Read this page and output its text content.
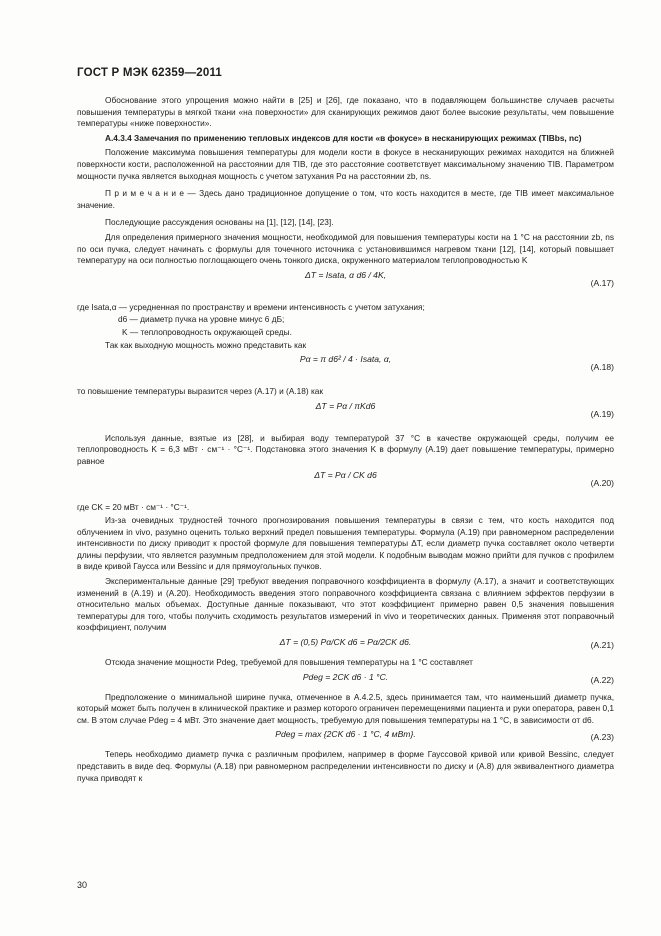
ГОСТ Р МЭК 62359—2011

Обоснование этого упрощения можно найти в [25] и [26], где показано, что в подавляющем большинстве случаев расчеты повышения температуры в мягкой ткани «на поверхности» для сканирующих режимов дают более высокие результаты, чем повышение температуры «ниже поверхности».

А.4.3.4 Замечания по применению тепловых индексов для кости «в фокусе» в несканирующих режимах (TIBbs, nc)

Положение максимума повышения температуры для модели кости в фокусе в несканирующих режимах находится на ближней поверхности кости, расположенной на расстоянии для TIB, где это расстояние соответствует максимальному значению TIB. Параметром мощности пучка является выходная мощность с учетом затухания Pα на расстоянии zb, ns.

П р и м е ч а н и е — Здесь дано традиционное допущение о том, что кость находится в месте, где TIB имеет максимальное значение.

Последующие рассуждения основаны на [1], [12], [14], [23].

Для определения примерного значения мощности, необходимой для повышения температуры кости на 1 °С на расстоянии zb, ns по оси пучка, следует начинать с формулы для точечного источника с установившимся нагревом ткани [12], [14], который повышает температуру на оси полностью поглощающего очень тонкого диска, окруженного материалом теплопроводностью K

ΔT = Isata, α d6 / 4K,
(A.17)

где Isata,α — усредненная по пространству и времени интенсивность с учетом затухания;

d6 — диаметр пучка на уровне минус 6 дБ;

K — теплопроводность окружающей среды.

Так как выходную мощность можно представить как

Pα = π d6² / 4 · Isata, α,
(A.18)

то повышение температуры выразится через (А.17) и (А.18) как

ΔT = Pα / πKd6
(A.19)

Используя данные, взятые из [28], и выбирая воду температурой 37 °С в качестве окружающей среды, получим ее теплопроводность K = 6,3 мВт · см⁻¹ · °С⁻¹. Подстановка этого значения K в формулу (А.19) дает повышение температуры, примерно равное

ΔT = Pα / CK d6
(A.20)

где CK = 20 мВт · см⁻¹ · °С⁻¹.

Из-за очевидных трудностей точного прогнозирования повышения температуры в связи с тем, что кость находится под облучением in vivo, разумно оценить только верхний предел повышения температуры. Формула (А.19) при равномерном распределении интенсивности по диску приводит к простой формуле для повышения температуры ΔT, если диаметр пучка составляет около четверти длины перфузии, что является разумным предположением для этой модели. К подобным выводам можно прийти для пучков с профилем в виде кривой Гаусса или Bessinc и для прямоугольных пучков.

Экспериментальные данные [29] требуют введения поправочного коэффициента в формулу (А.17), а значит и соответствующих изменений в (А.19) и (А.20). Необходимость введения этого поправочного коэффициента связана с влиянием эффектов перфузии в относительно малых объемах. Доступные данные показывают, что этот коэффициент примерно равен 0,5 значения повышения температуры для того, чтобы получить сходимость результатов измерений in vivo и теоретических данных. Применяя этот поправочный коэффициент, получим

ΔT = (0,5) Pα/CK d6 = Pα/2CK d6.	(A.21)

Отсюда значение мощности Pdeg, требуемой для повышения температуры на 1 °С составляет

Pdeg = 2CK d6 · 1 °С.	(A.22)

Предположение о минимальной ширине пучка, отмеченное в А.4.2.5, здесь принимается там, что наименьший диаметр пучка, который может быть получен в клинической практике и размер которого ограничен перемещениями пациента и руки оператора, равен 0,1 см. В этом случае Pdeg = 4 мВт. Это значение дает мощность, требуемую для повышения температуры на 1 °С, в зависимости от d6.

Pdeg = max {2CK d6 · 1 °С, 4 мВт}.	(A.23)

Теперь необходимо диаметр пучка с различным профилем, например в форме Гауссовой кривой или кривой Bessinc, следует представить в виде deq. Формулы (А.18) при равномерном распределении интенсивности по диску и (А.8) для эквивалентного диаметра пучка приводят к

30
